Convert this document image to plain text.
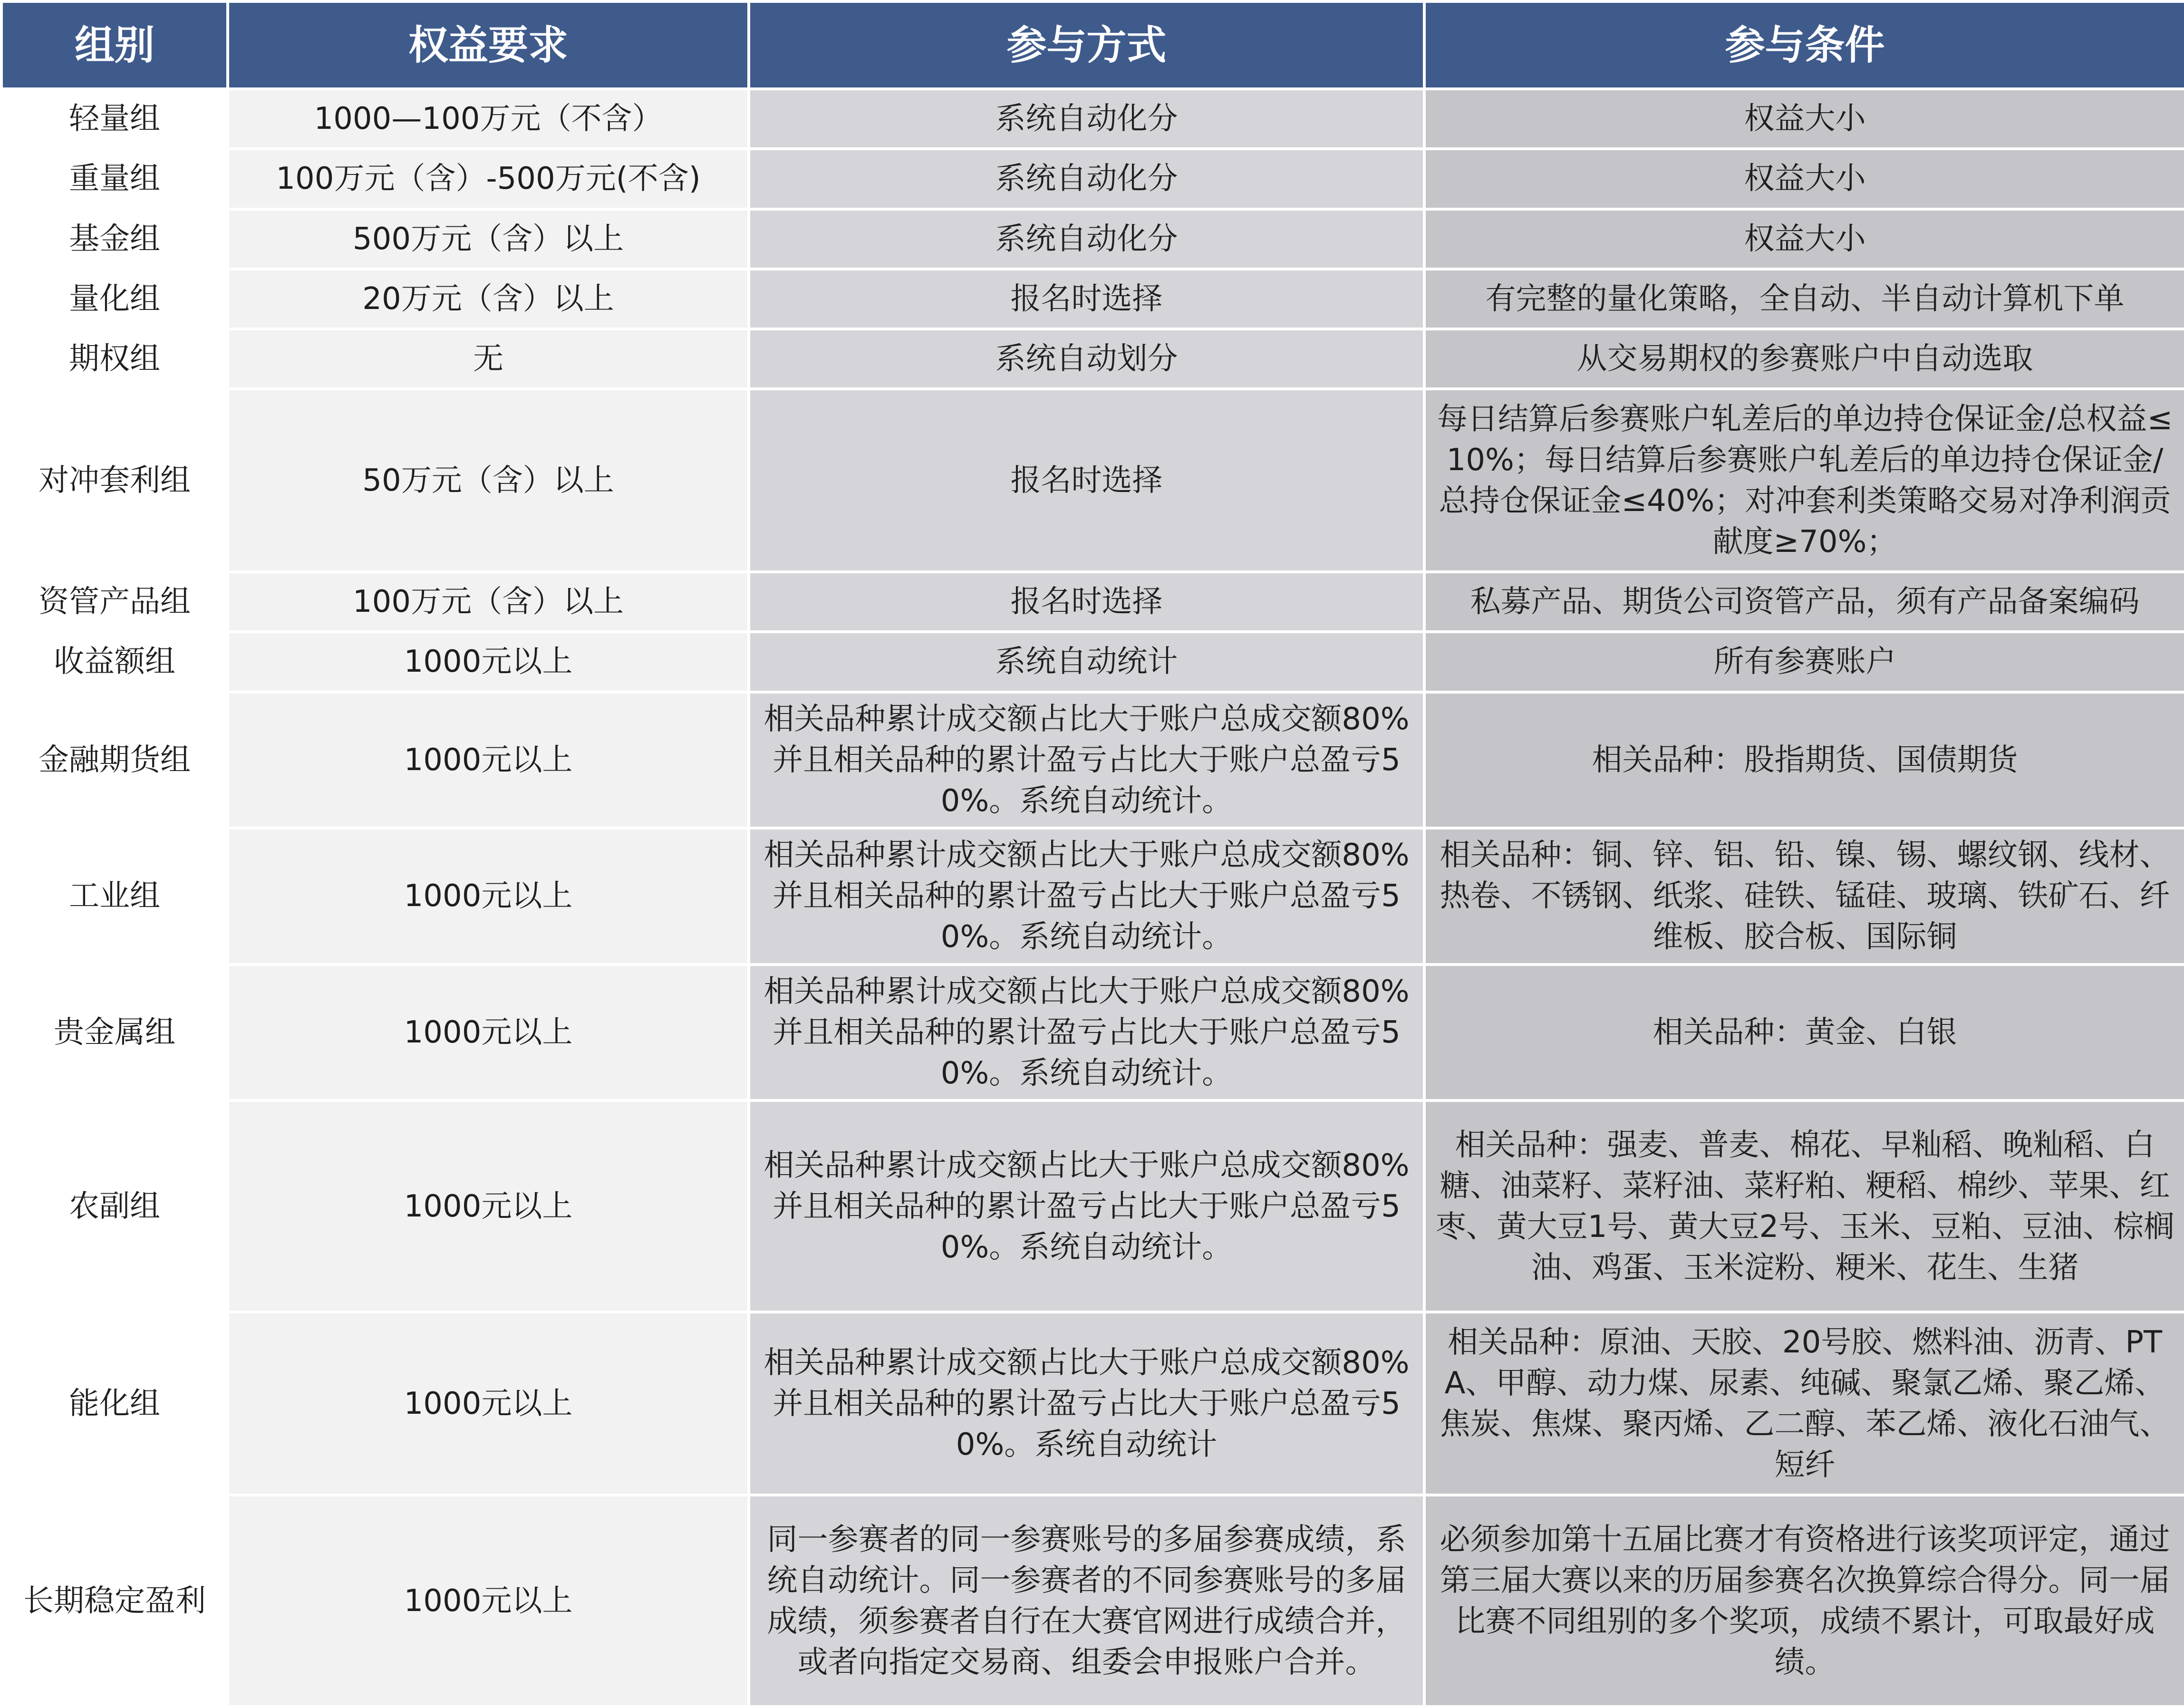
组别	权益要求	参与方式	参与条件
轻量组	1000—100万元（不含）	系统自动化分	权益大小
重量组	100万元（含）-500万元(不含)	系统自动化分	权益大小
基金组	500万元（含）以上	系统自动化分	权益大小
量化组	20万元（含）以上	报名时选择	有完整的量化策略，全自动、半自动计算机下单
期权组	无	系统自动划分	从交易期权的参赛账户中自动选取
对冲套利组	50万元（含）以上	报名时选择	每日结算后参赛账户轧差后的单边持仓保证金/总权益≤10%；每日结算后参赛账户轧差后的单边持仓保证金/总持仓保证金≤40%；对冲套利类策略交易对净利润贡献度≥70%；
资管产品组	100万元（含）以上	报名时选择	私募产品、期货公司资管产品，须有产品备案编码
收益额组	1000元以上	系统自动统计	所有参赛账户
金融期货组	1000元以上	相关品种累计成交额占比大于账户总成交额80%并且相关品种的累计盈亏占比大于账户总盈亏50%。系统自动统计。	相关品种：股指期货、国债期货
工业组	1000元以上	相关品种累计成交额占比大于账户总成交额80%并且相关品种的累计盈亏占比大于账户总盈亏50%。系统自动统计。	相关品种：铜、锌、铝、铅、镍、锡、螺纹钢、线材、热卷、不锈钢、纸浆、硅铁、锰硅、玻璃、铁矿石、纤维板、胶合板、国际铜
贵金属组	1000元以上	相关品种累计成交额占比大于账户总成交额80%并且相关品种的累计盈亏占比大于账户总盈亏50%。系统自动统计。	相关品种：黄金、白银
农副组	1000元以上	相关品种累计成交额占比大于账户总成交额80%并且相关品种的累计盈亏占比大于账户总盈亏50%。系统自动统计。	相关品种：强麦、普麦、棉花、早籼稻、晚籼稻、白糖、油菜籽、菜籽油、菜籽粕、粳稻、棉纱、苹果、红枣、黄大豆1号、黄大豆2号、玉米、豆粕、豆油、棕榈油、鸡蛋、玉米淀粉、粳米、花生、生猪
能化组	1000元以上	相关品种累计成交额占比大于账户总成交额80%并且相关品种的累计盈亏占比大于账户总盈亏50%。系统自动统计	相关品种：原油、天胶、20号胶、燃料油、沥青、PTA、甲醇、动力煤、尿素、纯碱、聚氯乙烯、聚乙烯、焦炭、焦煤、聚丙烯、乙二醇、苯乙烯、液化石油气、短纤
长期稳定盈利	1000元以上	同一参赛者的同一参赛账号的多届参赛成绩，系统自动统计。同一参赛者的不同参赛账号的多届成绩，须参赛者自行在大赛官网进行成绩合并，或者向指定交易商、组委会申报账户合并。	必须参加第十五届比赛才有资格进行该奖项评定，通过第三届大赛以来的历届参赛名次换算综合得分。同一届比赛不同组别的多个奖项，成绩不累计，可取最好成绩。
